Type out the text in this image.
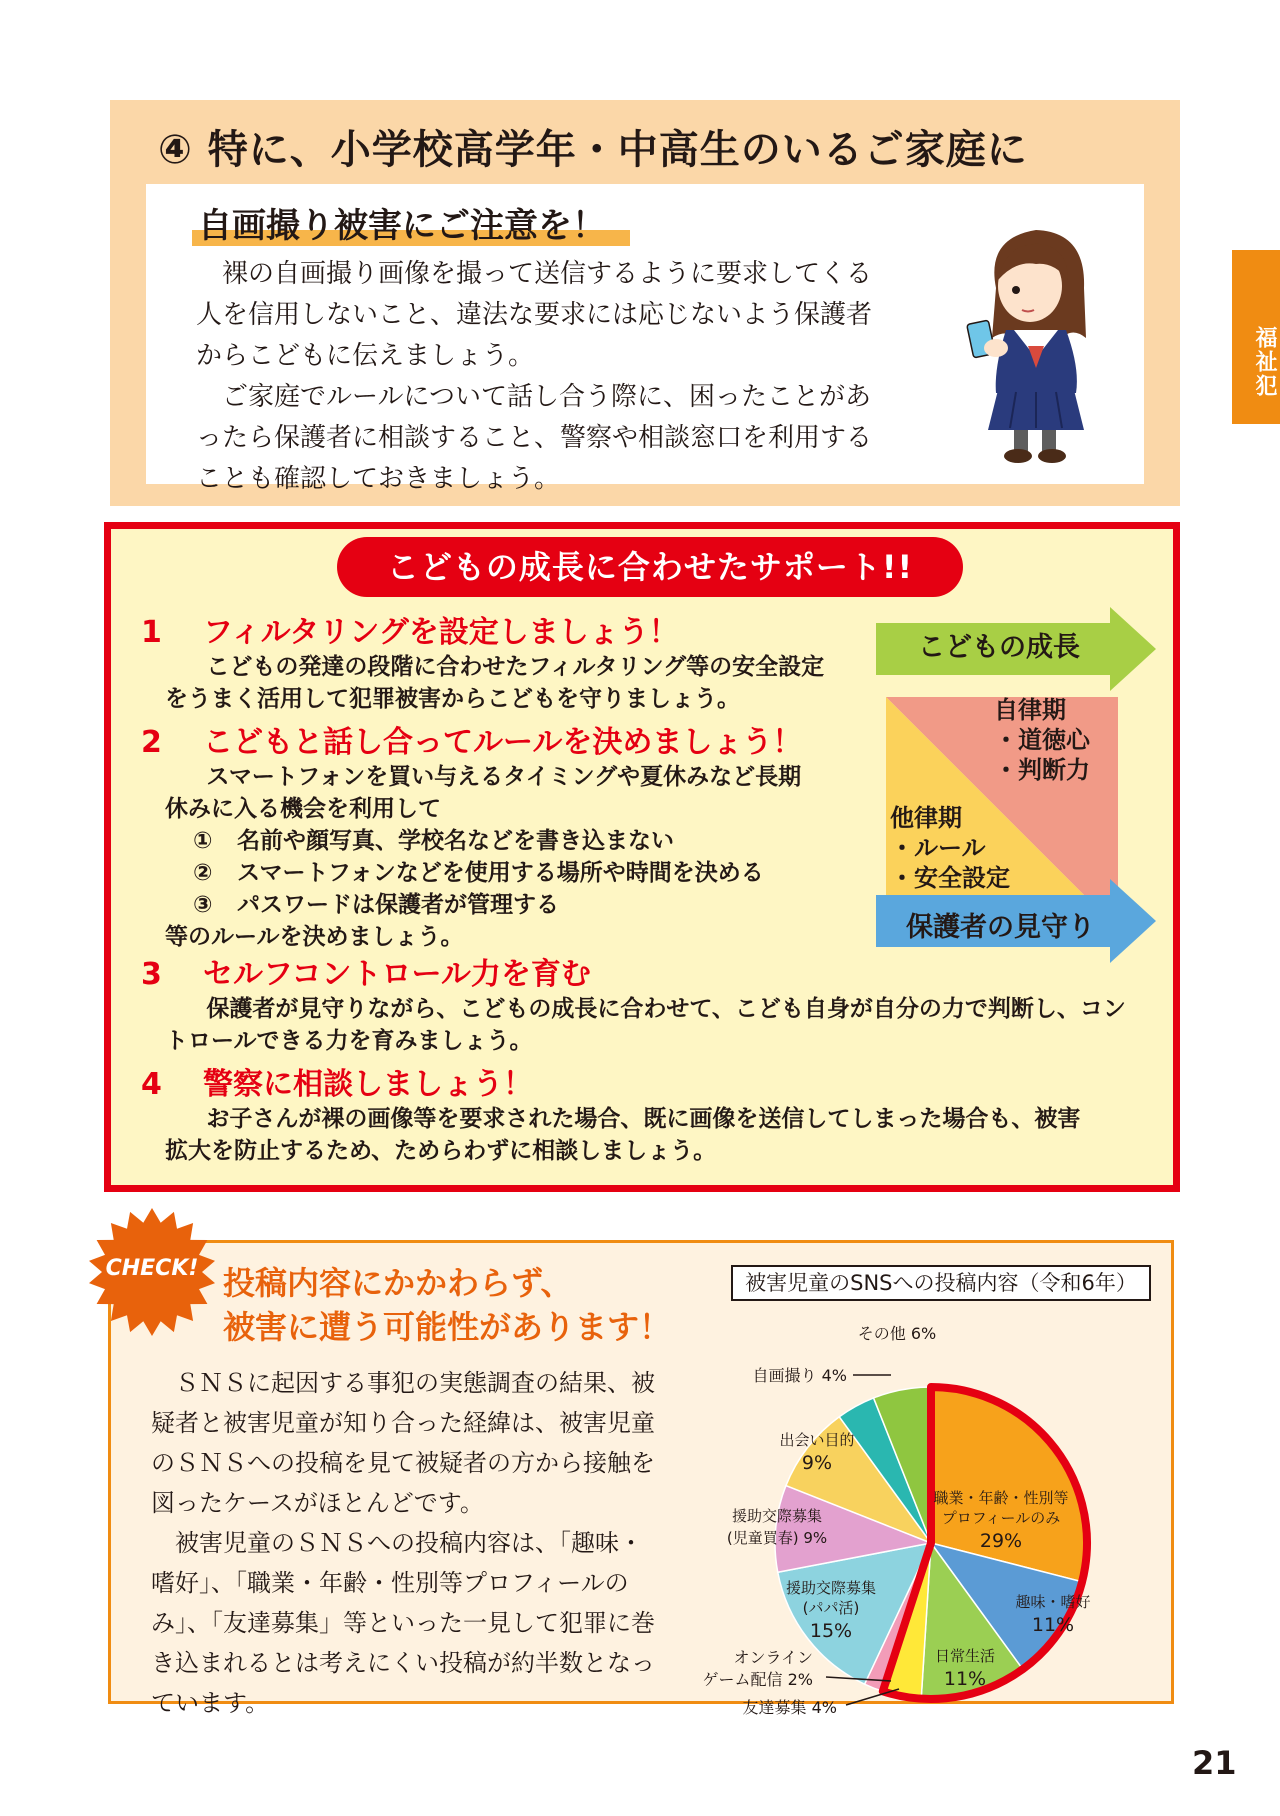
④ 特に、小学校高学年・中高生のいるご家庭に
自画撮り被害にご注意を！

裸の自画撮り画像を撮って送信するように要求してくる人を信用しないこと、違法な要求には応じないよう保護者からこどもに伝えましょう。

ご家庭でルールについて話し合う際に、困ったことがあったら保護者に相談すること、警察や相談窓口を利用することも確認しておきましょう。

福祉犯
こどもの成長に合わせたサポート!!
1 フィルタリングを設定しましょう！
こどもの発達の段階に合わせたフィルタリング等の安全設定
をうまく活用して犯罪被害からこどもを守りましょう。
2 こどもと話し合ってルールを決めましょう！
スマートフォンを買い与えるタイミングや夏休みなど長期
休みに入る機会を利用して
① 名前や顔写真、学校名などを書き込まない
② スマートフォンなどを使用する場所や時間を決める
③ パスワードは保護者が管理する
等のルールを決めましょう。
3 セルフコントロール力を育む
保護者が見守りながら、こどもの成長に合わせて、こども自身が自分の力で判断し、コン
トロールできる力を育みましょう。
4 警察に相談しましょう！
お子さんが裸の画像等を要求された場合、既に画像を送信してしまった場合も、被害
拡大を防止するため、ためらわずに相談しましょう。
こどもの成長
自律期
・道徳心
・判断力
他律期
・ルール
・安全設定
保護者の見守り
投稿内容にかかわらず、
被害に遭う可能性があります！

ＳＮＳに起因する事犯の実態調査の結果、被疑者と被害児童が知り合った経緯は、被害児童のＳＮＳへの投稿を見て被疑者の方から接触を図ったケースがほとんどです。

被害児童のＳＮＳへの投稿内容は、「趣味・嗜好」、「職業・年齢・性別等プロフィールのみ」、「友達募集」等といった一見して犯罪に巻き込まれるとは考えにくい投稿が約半数となっています。

被害児童のSNSへの投稿内容（令和6年）
職業・年齢・性別等プロフィールのみ 29%
趣味・嗜好 11%
日常生活 11%
友達募集 4%
オンラインゲーム配信 2%
援助交際募集(パパ活) 15%
援助交際募集(児童買春) 9%
出会い目的 9%
自画撮り 4%
その他 6%
CHECK!
21
